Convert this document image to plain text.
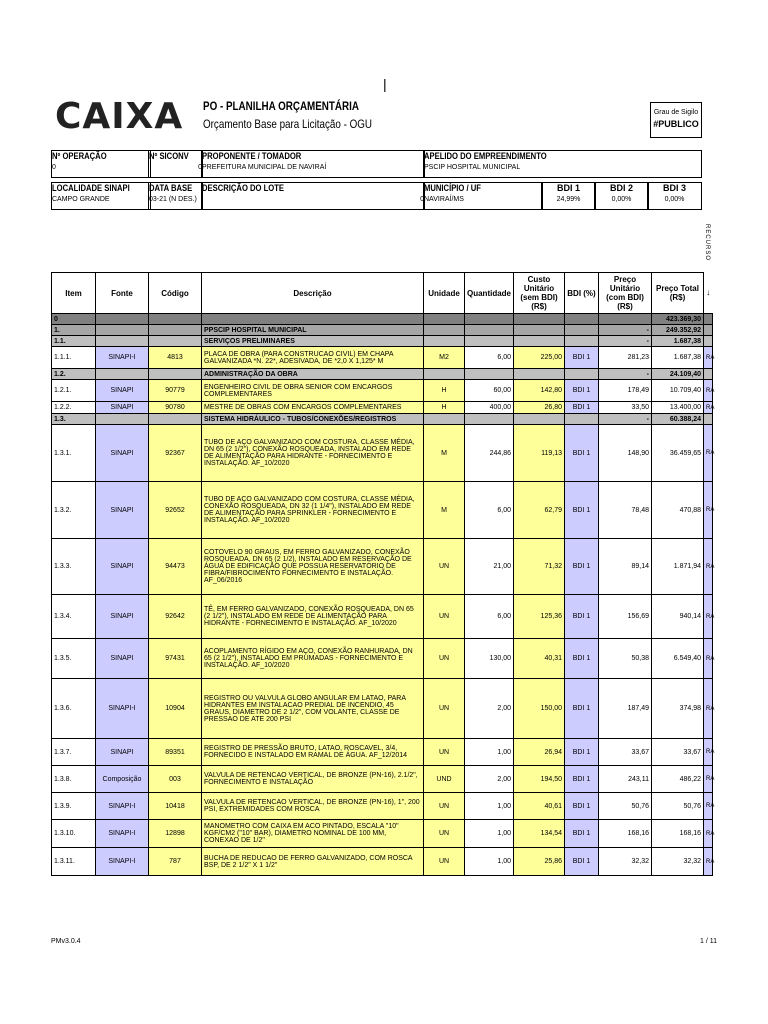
|
CAIXA PO - PLANILHA ORÇAMENTÁRIA
Orçamento Base para Licitação - OGU
Grau de Sigilo
#PUBLICO
Nº OPERAÇÃO
0
Nº SICONV
0
PROPONENTE / TOMADOR
PREFEITURA MUNICIPAL DE NAVIRAÍ
APELIDO DO EMPREENDIMENTO
PSCIP HOSPITAL MUNICIPAL
LOCALIDADE SINAPI
CAMPO GRANDE
DATA BASE
03-21 (N DES.)
DESCRIÇÃO DO LOTE
0
MUNICÍPIO / UF
NAVIRAÍ/MS
BDI 1
24,99%
BDI 2
0,00%
BDI 3
0,00%
RECURSO
Item	Fonte	Código	Descrição	Unidade	Quantidade	Custo Unitário (sem BDI) (R$)	BDI (%)	Preço Unitário (com BDI) (R$)	Preço Total (R$)	↓
0									423.369,30	
1.			PPSCIP HOSPITAL MUNICIPAL					-	249.352,92	
1.1.			SERVIÇOS PRELIMINARES					-	1.687,38	
1.1.1.	SINAPI-I	4813	PLACA DE OBRA (PARA CONSTRUCAO CIVIL) EM CHAPA GALVANIZADA *N. 22*, ADESIVADA, DE *2,0 X 1,125* M	M2	6,00	225,00	BDI 1	281,23	1.687,38	RA
1.2.			ADMINISTRAÇÃO DA OBRA					-	24.109,40	
1.2.1.	SINAPI	90779	ENGENHEIRO CIVIL DE OBRA SENIOR COM ENCARGOS COMPLEMENTARES	H	60,00	142,80	BDI 1	178,49	10.709,40	RA
1.2.2.	SINAPI	90780	MESTRE DE OBRAS COM ENCARGOS COMPLEMENTARES	H	400,00	26,80	BDI 1	33,50	13.400,00	RA
1.3.			SISTEMA HIDRÁULICO - TUBOS/CONEXÕES/REGISTROS					-	60.388,24	
1.3.1.	SINAPI	92367	TUBO DE AÇO GALVANIZADO COM COSTURA, CLASSE MÉDIA, DN 65 (2 1/2"), CONEXÃO ROSQUEADA, INSTALADO EM REDE DE ALIMENTAÇÃO PARA HIDRANTE - FORNECIMENTO E INSTALAÇÃO. AF_10/2020	M	244,86	119,13	BDI 1	148,90	36.459,65	RA
1.3.2.	SINAPI	92652	TUBO DE AÇO GALVANIZADO COM COSTURA, CLASSE MÉDIA, CONEXÃO ROSQUEADA, DN 32 (1 1/4"), INSTALADO EM REDE DE ALIMENTAÇÃO PARA SPRINKLER - FORNECIMENTO E INSTALAÇÃO. AF_10/2020	M	6,00	62,79	BDI 1	78,48	470,88	RA
1.3.3.	SINAPI	94473	COTOVELO 90 GRAUS, EM FERRO GALVANIZADO, CONEXÃO ROSQUEADA, DN 65 (2 1/2), INSTALADO EM RESERVAÇÃO DE ÁGUA DE EDIFICAÇÃO QUE POSSUA RESERVATÓRIO DE FIBRA/FIBROCIMENTO FORNECIMENTO E INSTALAÇÃO. AF_06/2016	UN	21,00	71,32	BDI 1	89,14	1.871,94	RA
1.3.4.	SINAPI	92642	TÊ, EM FERRO GALVANIZADO, CONEXÃO ROSQUEADA, DN 65 (2 1/2"), INSTALADO EM REDE DE ALIMENTAÇÃO PARA HIDRANTE - FORNECIMENTO E INSTALAÇÃO. AF_10/2020	UN	6,00	125,36	BDI 1	156,69	940,14	RA
1.3.5.	SINAPI	97431	ACOPLAMENTO RÍGIDO EM AÇO, CONEXÃO RANHURADA, DN 65 (2 1/2"), INSTALADO EM PRUMADAS - FORNECIMENTO E INSTALAÇÃO. AF_10/2020	UN	130,00	40,31	BDI 1	50,38	6.549,40	RA
1.3.6.	SINAPI-I	10904	REGISTRO OU VALVULA GLOBO ANGULAR EM LATAO, PARA HIDRANTES EM INSTALACAO PREDIAL DE INCENDIO, 45 GRAUS, DIAMETRO DE 2 1/2", COM VOLANTE, CLASSE DE PRESSAO DE ATE 200 PSI	UN	2,00	150,00	BDI 1	187,49	374,98	RA
1.3.7.	SINAPI	89351	REGISTRO DE PRESSÃO BRUTO, LATAO, ROSCAVEL, 3/4, FORNECIDO E INSTALADO EM RAMAL DE ÁGUA. AF_12/2014	UN	1,00	26,94	BDI 1	33,67	33,67	RA
1.3.8.	Composição	003	VALVULA DE RETENCAO VERTICAL, DE BRONZE (PN-16), 2.1/2", FORNECIMENTO E INSTALAÇÃO	UND	2,00	194,50	BDI 1	243,11	486,22	RA
1.3.9.	SINAPI-I	10418	VALVULA DE RETENCAO VERTICAL, DE BRONZE (PN-16), 1", 200 PSI, EXTREMIDADES COM ROSCA	UN	1,00	40,61	BDI 1	50,76	50,76	RA
1.3.10.	SINAPI-I	12898	MANOMETRO COM CAIXA EM ACO PINTADO, ESCALA "10" KGF/CM2 ("10" BAR), DIAMETRO NOMINAL DE 100 MM, CONEXAO DE 1/2"	UN	1,00	134,54	BDI 1	168,16	168,16	RA
1.3.11.	SINAPI-I	787	BUCHA DE REDUCAO DE FERRO GALVANIZADO, COM ROSCA BSP, DE 2 1/2" X 1 1/2"	UN	1,00	25,86	BDI 1	32,32	32,32	RA
PMv3.0.4	1 / 11
